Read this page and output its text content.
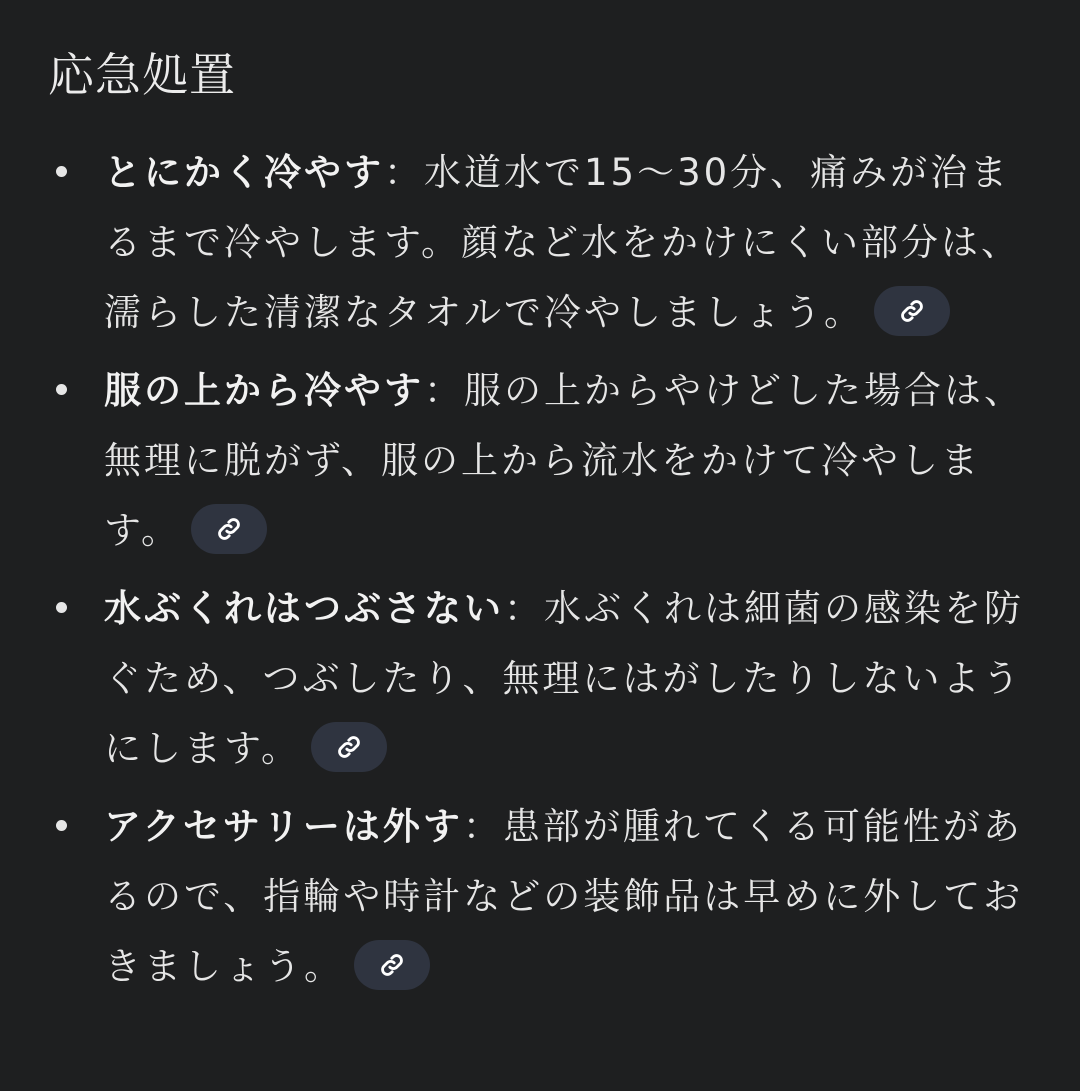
応急処置
とにかく冷やす：水道水で15～30分、痛みが治まるまで冷やします。顔など水をかけにくい部分は、濡らした清潔なタオルで冷やしましょう。
服の上から冷やす：服の上からやけどした場合は、無理に脱がず、服の上から流水をかけて冷やします。
水ぶくれはつぶさない：水ぶくれは細菌の感染を防ぐため、つぶしたり、無理にはがしたりしないようにします。
アクセサリーは外す：患部が腫れてくる可能性があるので、指輪や時計などの装飾品は早めに外しておきましょう。
